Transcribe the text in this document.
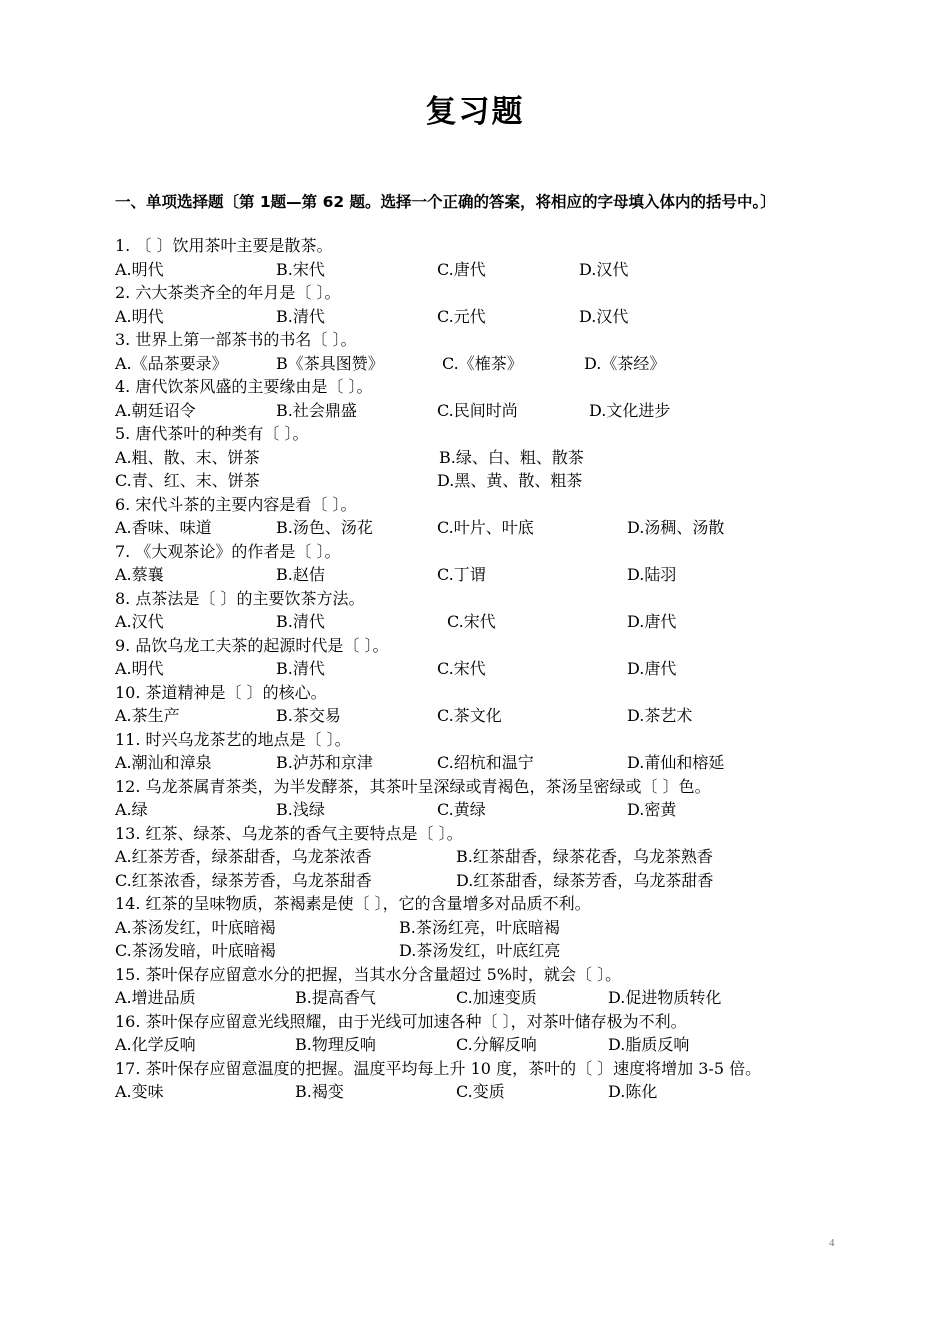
复习题
一、单项选择题〔第 1题—第 62 题。选择一个正确的答案，将相应的字母填入体内的括号中。〕
1. 〔 〕饮用茶叶主要是散茶。
A.明代	B.宋代	C.唐代	D.汉代
2. 六大茶类齐全的年月是〔 〕。
A.明代	B.清代	C.元代	D.汉代
3. 世界上第一部茶书的书名〔 〕。
A.《品茶要录》	B《茶具图赞》	C.《榷茶》	D.《茶经》
4. 唐代饮茶风盛的主要缘由是〔 〕。
A.朝廷诏令	B.社会鼎盛	C.民间时尚	D.文化进步
5. 唐代茶叶的种类有〔 〕。
A.粗、散、末、饼茶	B.绿、白、粗、散茶
C.青、红、末、饼茶	D.黑、黄、散、粗茶
6. 宋代斗茶的主要内容是看〔 〕。
A.香味、味道	B.汤色、汤花	C.叶片、叶底	D.汤稠、汤散
7. 《大观茶论》的作者是〔 〕。
A.蔡襄	B.赵佶	C.丁谓	D.陆羽
8. 点茶法是〔 〕的主要饮茶方法。
A.汉代	B.清代	C.宋代	D.唐代
9. 品饮乌龙工夫茶的起源时代是〔 〕。
A.明代	B.清代	C.宋代	D.唐代
10. 茶道精神是〔 〕的核心。
A.茶生产	B.茶交易	C.茶文化	D.茶艺术
11. 时兴乌龙茶艺的地点是〔 〕。
A.潮汕和漳泉	B.泸苏和京津	C.绍杭和温宁	D.莆仙和榕延
12. 乌龙茶属青茶类，为半发酵茶，其茶叶呈深绿或青褐色，茶汤呈密绿或〔 〕色。
A.绿	B.浅绿	C.黄绿	D.密黄
13. 红茶、绿茶、乌龙茶的香气主要特点是〔 〕。
A.红茶芳香，绿茶甜香，乌龙茶浓香	B.红茶甜香，绿茶花香，乌龙茶熟香
C.红茶浓香，绿茶芳香，乌龙茶甜香	D.红茶甜香，绿茶芳香，乌龙茶甜香
14. 红茶的呈味物质，茶褐素是使〔 〕，它的含量增多对品质不利。
A.茶汤发红，叶底暗褐	B.茶汤红亮，叶底暗褐
C.茶汤发暗，叶底暗褐	D.茶汤发红，叶底红亮
15. 茶叶保存应留意水分的把握，当其水分含量超过 5%时，就会〔 〕。
A.增进品质	B.提高香气	C.加速变质	D.促进物质转化
16. 茶叶保存应留意光线照耀，由于光线可加速各种〔 〕，对茶叶储存极为不利。
A.化学反响	B.物理反响	C.分解反响	D.脂质反响
17. 茶叶保存应留意温度的把握。温度平均每上升 10 度，茶叶的〔 〕速度将增加 3-5 倍。
A.变味	B.褐变	C.变质	D.陈化
4
